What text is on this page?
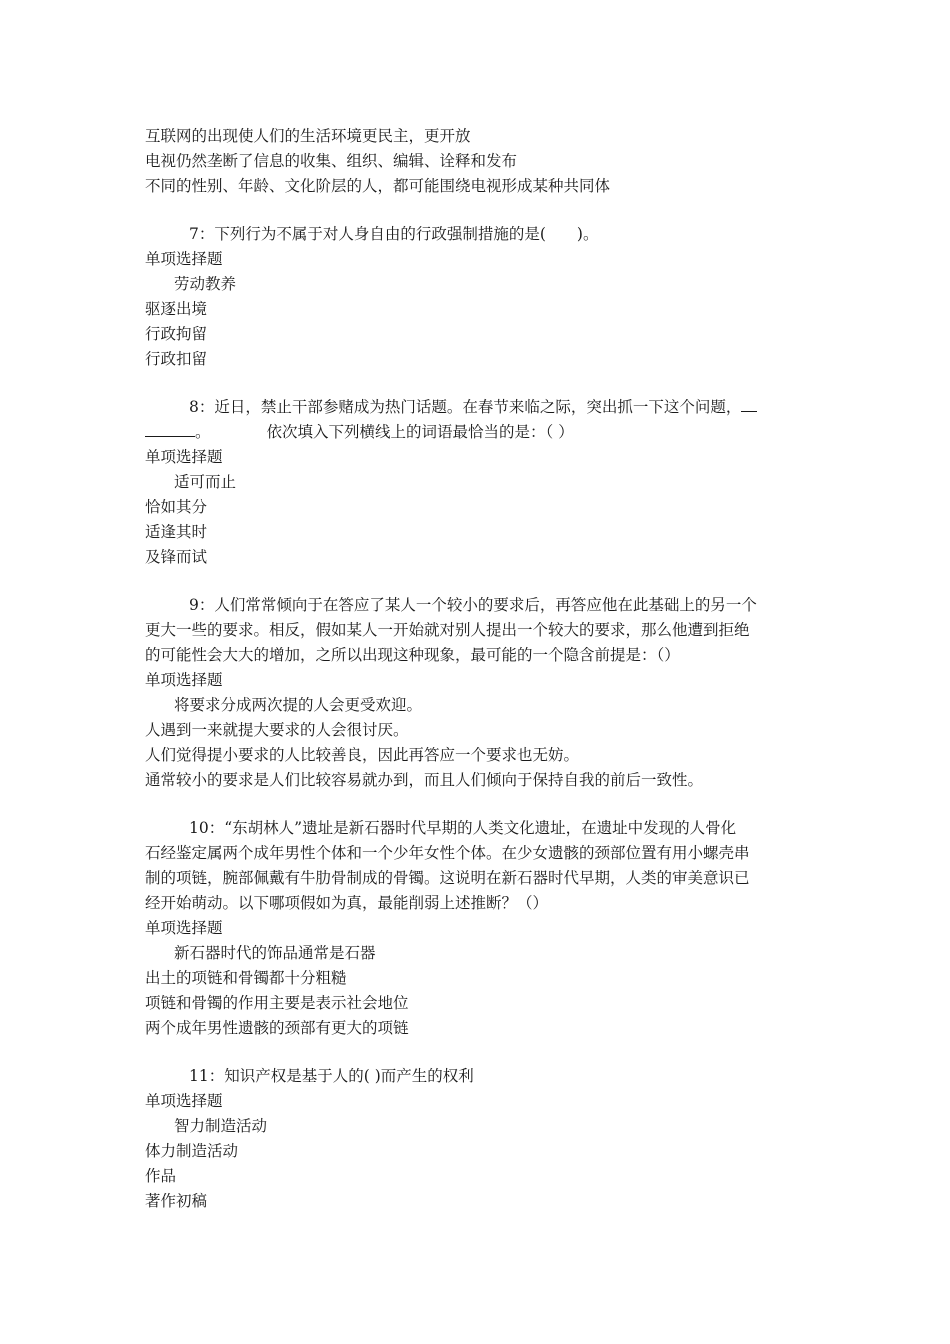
互联网的出现使人们的生活环境更民主，更开放
电视仍然垄断了信息的收集、组织、编辑、诠释和发布
不同的性别、年龄、文化阶层的人，都可能围绕电视形成某种共同体
7：下列行为不属于对人身自由的行政强制措施的是(　　)。
单项选择题
劳动教养
驱逐出境
行政拘留
行政扣留
8：近日，禁止干部参赌成为热门话题。在春节来临之际，突出抓一下这个问题，
。	依次填入下列横线上的词语最恰当的是：（ ）
单项选择题
适可而止
恰如其分
适逢其时
及锋而试
9：人们常常倾向于在答应了某人一个较小的要求后，再答应他在此基础上的另一个
更大一些的要求。相反，假如某人一开始就对别人提出一个较大的要求，那么他遭到拒绝
的可能性会大大的增加，之所以出现这种现象，最可能的一个隐含前提是：（）
单项选择题
将要求分成两次提的人会更受欢迎。
人遇到一来就提大要求的人会很讨厌。
人们觉得提小要求的人比较善良，因此再答应一个要求也无妨。
通常较小的要求是人们比较容易就办到，而且人们倾向于保持自我的前后一致性。
10：“东胡林人”遗址是新石器时代早期的人类文化遗址，在遗址中发现的人骨化
石经鉴定属两个成年男性个体和一个少年女性个体。在少女遗骸的颈部位置有用小螺壳串
制的项链，腕部佩戴有牛肋骨制成的骨镯。这说明在新石器时代早期，人类的审美意识已
经开始萌动。以下哪项假如为真，最能削弱上述推断？（）
单项选择题
新石器时代的饰品通常是石器
出土的项链和骨镯都十分粗糙
项链和骨镯的作用主要是表示社会地位
两个成年男性遗骸的颈部有更大的项链
11：知识产权是基于人的( )而产生的权利
单项选择题
智力制造活动
体力制造活动
作品
著作初稿
